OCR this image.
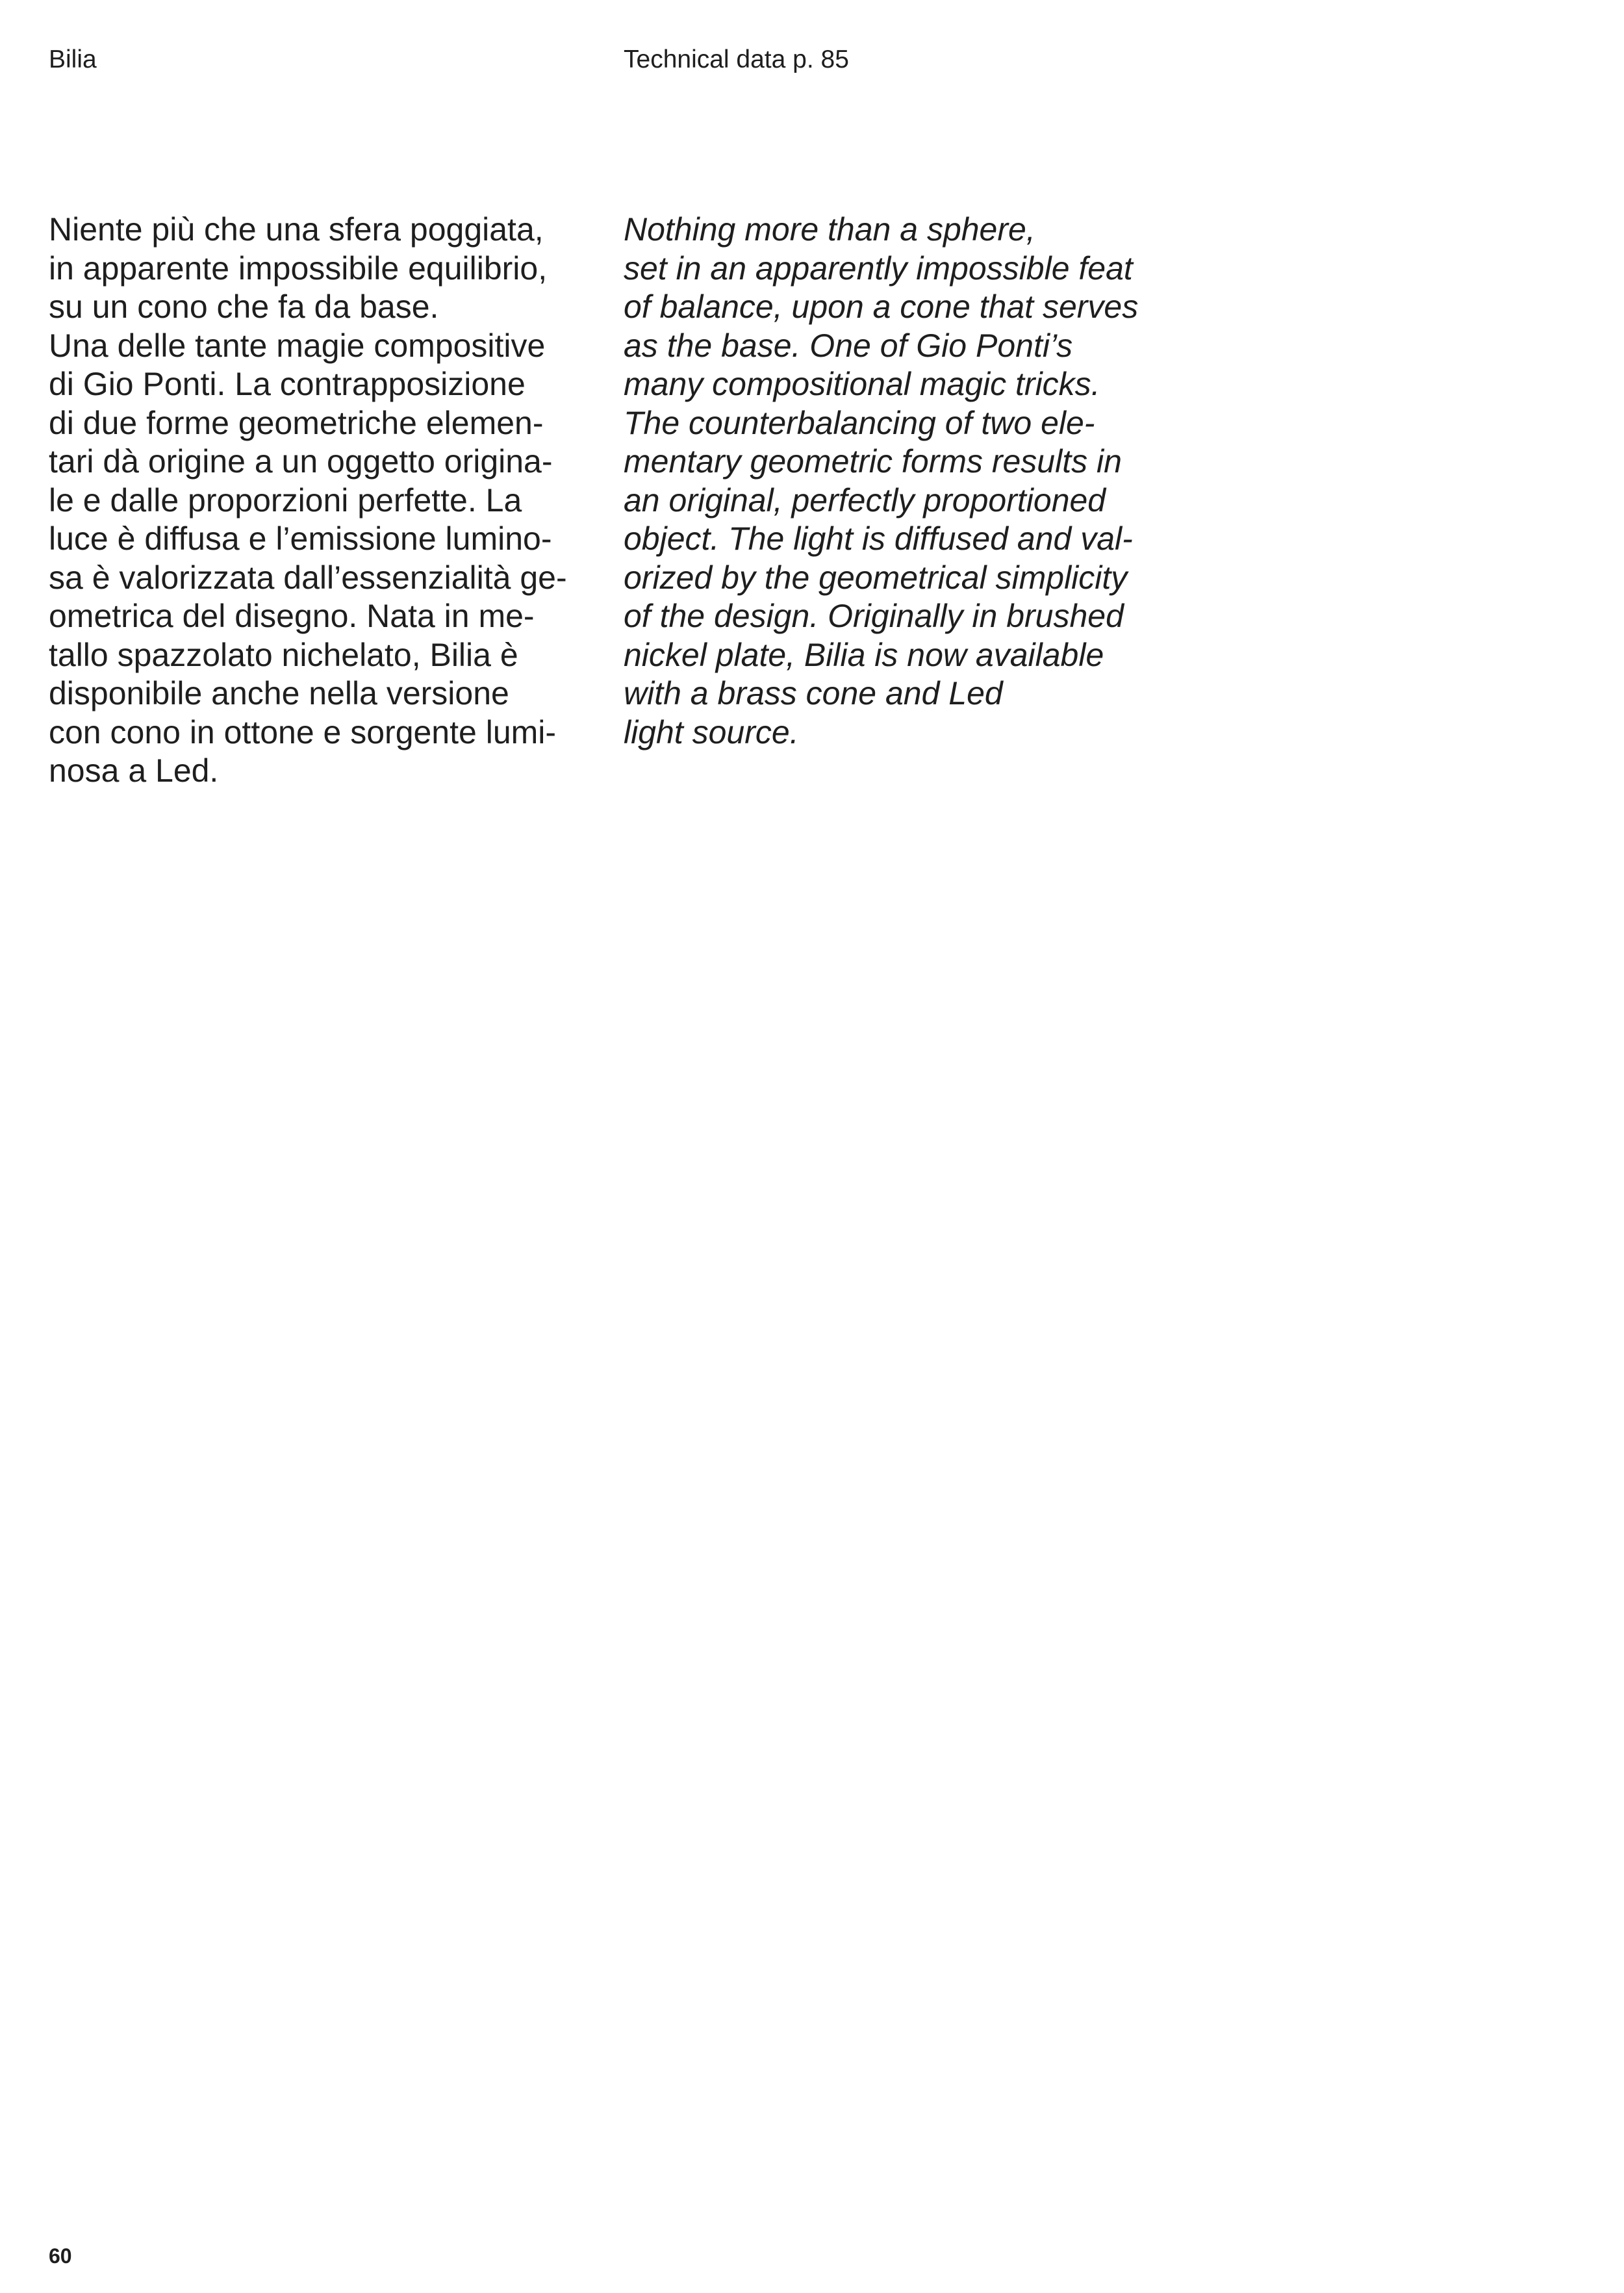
Bilia	Technical data p. 85

Niente più che una sfera poggiata,
in apparente impossibile equilibrio,
su un cono che fa da base.
Una delle tante magie compositive
di Gio Ponti. La contrapposizione
di due forme geometriche elemen-
tari dà origine a un oggetto origina-
le e dalle proporzioni perfette. La
luce è diffusa e l’emissione lumino-
sa è valorizzata dall’essenzialità ge-
ometrica del disegno. Nata in me-
tallo spazzolato nichelato, Bilia è
disponibile anche nella versione
con cono in ottone e sorgente lumi-
nosa a Led.

Nothing more than a sphere,
set in an apparently impossible feat
of balance, upon a cone that serves
as the base. One of Gio Ponti’s
many compositional magic tricks.
The counterbalancing of two ele-
mentary geometric forms results in
an original, perfectly proportioned
object. The light is diffused and val-
orized by the geometrical simplicity
of the design. Originally in brushed
nickel plate, Bilia is now available
with a brass cone and Led
light source.

60
